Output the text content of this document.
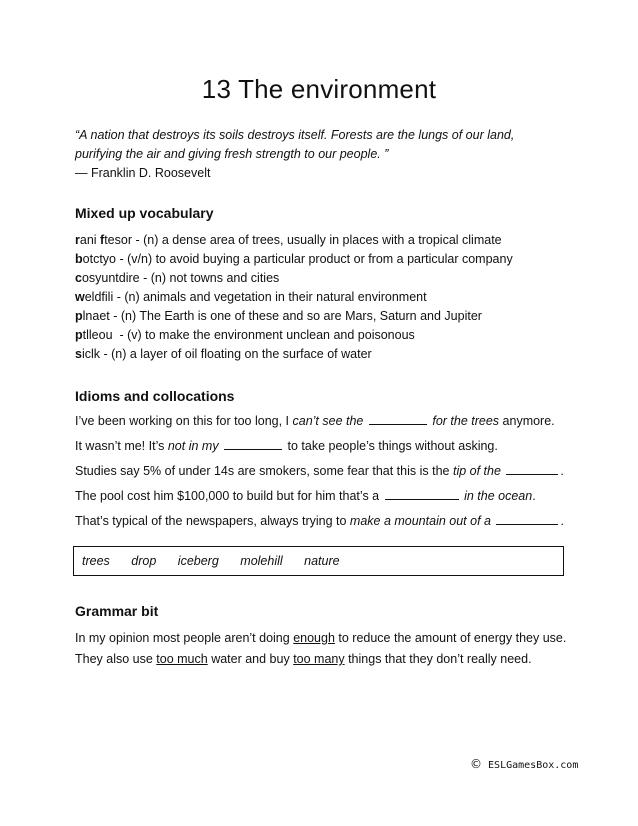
13 The environment
“A nation that destroys its soils destroys itself. Forests are the lungs of our land,
purifying the air and giving fresh strength to our people. ”
— Franklin D. Roosevelt
Mixed up vocabulary
rani ftesor - (n) a dense area of trees, usually in places with a tropical climate
botctyo - (v/n) to avoid buying a particular product or from a particular company
cosyuntdire - (n) not towns and cities
weldfili - (n) animals and vegetation in their natural environment
plnaet - (n) The Earth is one of these and so are Mars, Saturn and Jupiter
ptlleou  - (v) to make the environment unclean and poisonous
siclk - (n) a layer of oil floating on the surface of water
Idioms and collocations
I’ve been working on this for too long, I can’t see the	for the trees anymore.
It wasn’t me! It’s not in my	to take people’s things without asking.
Studies say 5% of under 14s are smokers, some fear that this is the tip of the	.
The pool cost him $100,000 to build but for him that’s a	in the ocean.
That’s typical of the newspapers, always trying to make a mountain out of a	.
trees drop iceberg molehill nature
Grammar bit
In my opinion most people aren’t doing enough to reduce the amount of energy they use.
They also use too much water and buy too many things that they don’t really need.
© ESLGamesBox.com
